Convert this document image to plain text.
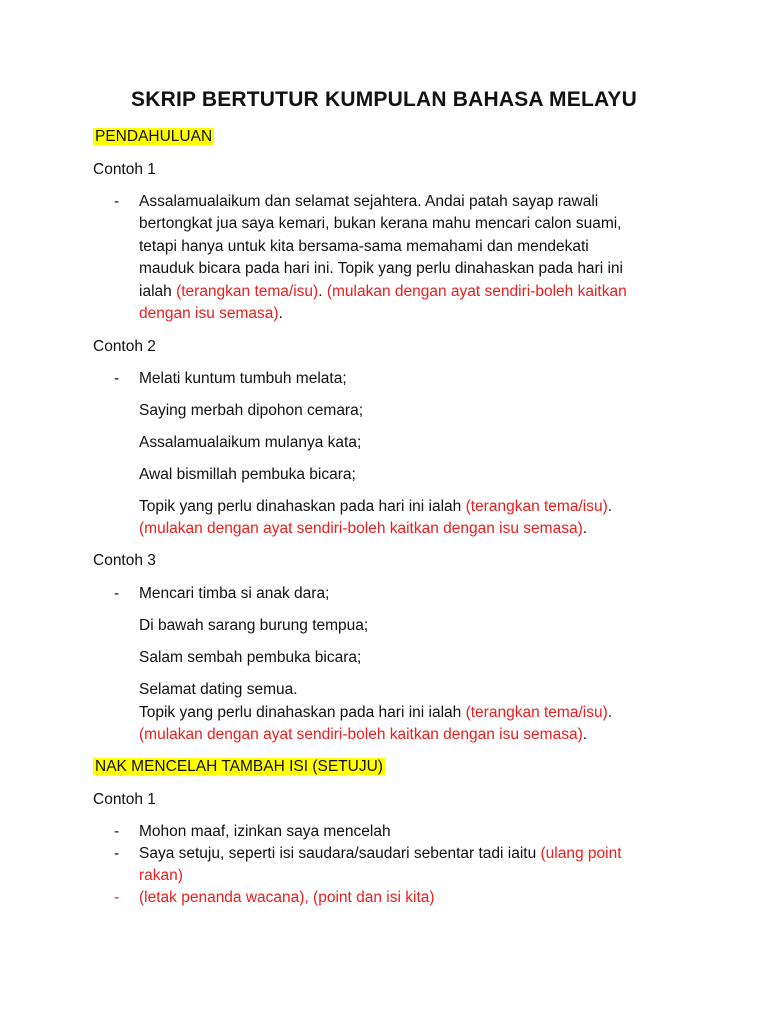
SKRIP BERTUTUR KUMPULAN BAHASA MELAYU
PENDAHULUAN
Contoh 1
- Assalamualaikum dan selamat sejahtera. Andai patah sayap rawali
bertongkat jua saya kemari, bukan kerana mahu mencari calon suami,
tetapi hanya untuk kita bersama-sama memahami dan mendekati
mauduk bicara pada hari ini. Topik yang perlu dinahaskan pada hari ini
ialah (terangkan tema/isu). (mulakan dengan ayat sendiri-boleh kaitkan
dengan isu semasa).
Contoh 2
- Melati kuntum tumbuh melata;
Saying merbah dipohon cemara;
Assalamualaikum mulanya kata;
Awal bismillah pembuka bicara;
Topik yang perlu dinahaskan pada hari ini ialah (terangkan tema/isu).
(mulakan dengan ayat sendiri-boleh kaitkan dengan isu semasa).
Contoh 3
- Mencari timba si anak dara;
Di bawah sarang burung tempua;
Salam sembah pembuka bicara;
Selamat dating semua.
Topik yang perlu dinahaskan pada hari ini ialah (terangkan tema/isu).
(mulakan dengan ayat sendiri-boleh kaitkan dengan isu semasa).
NAK MENCELAH TAMBAH ISI (SETUJU)
Contoh 1
- Mohon maaf, izinkan saya mencelah
- Saya setuju, seperti isi saudara/saudari sebentar tadi iaitu (ulang point
rakan)
- (letak penanda wacana), (point dan isi kita)
